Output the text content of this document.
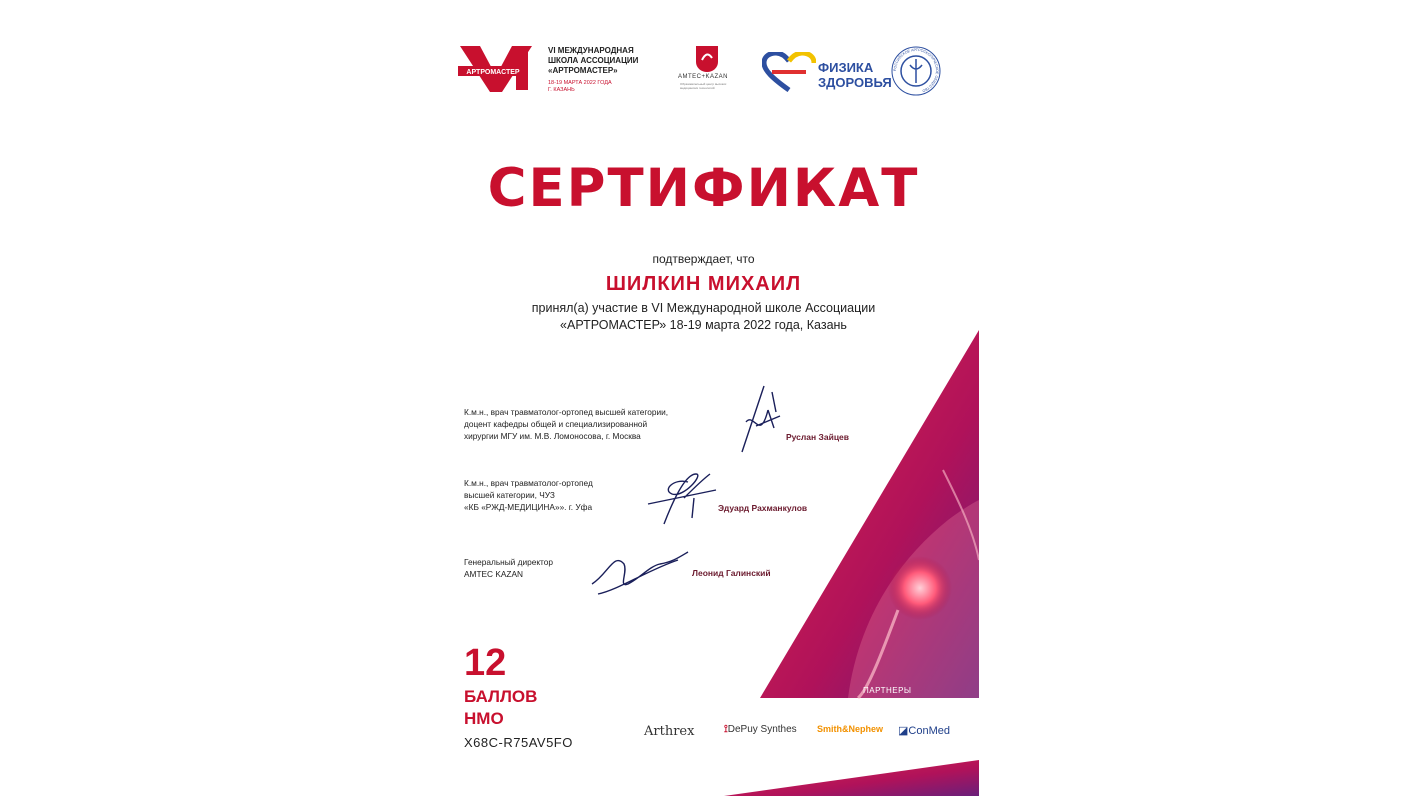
АРТРОМАСТЕР
VI МЕЖДУНАРОДНАЯ
ШКОЛА АССОЦИАЦИИ
«АРТРОМАСТЕР»
18-19 МАРТА 2022 ГОДА
Г. КАЗАНЬ
AMTEC+KAZAN
Образовательный центр высоких медицинских технологий
ФИЗИКА
ЗДОРОВЬЯ
РОССИЙСКОЕ АРТРОСКОПИЧЕСКОЕ ОБЩЕСТВО
СЕРТИФИКАТ
подтверждает, что
ШИЛКИН МИХАИЛ
принял(а) участие в VI Международной школе Ассоциации
«АРТРОМАСТЕР» 18-19 марта 2022 года, Казань
К.м.н., врач травматолог-ортопед высшей категории,
доцент кафедры общей и специализированной
хирургии МГУ им. М.В. Ломоносова, г. Москва	Руслан Зайцев
К.м.н., врач травматолог-ортопед
высшей категории, ЧУЗ
«КБ «РЖД-МЕДИЦИНА»». г. Уфа	Эдуард Рахманкулов
Генеральный директор
AMTEC KAZAN	Леонид Галинский
12
БАЛЛОВ
НМО
X68C-R75AV5FO
ПАРТНЕРЫ
Arthrex	⟟DePuy Synthes Smith&Nephew ◪ConMed
